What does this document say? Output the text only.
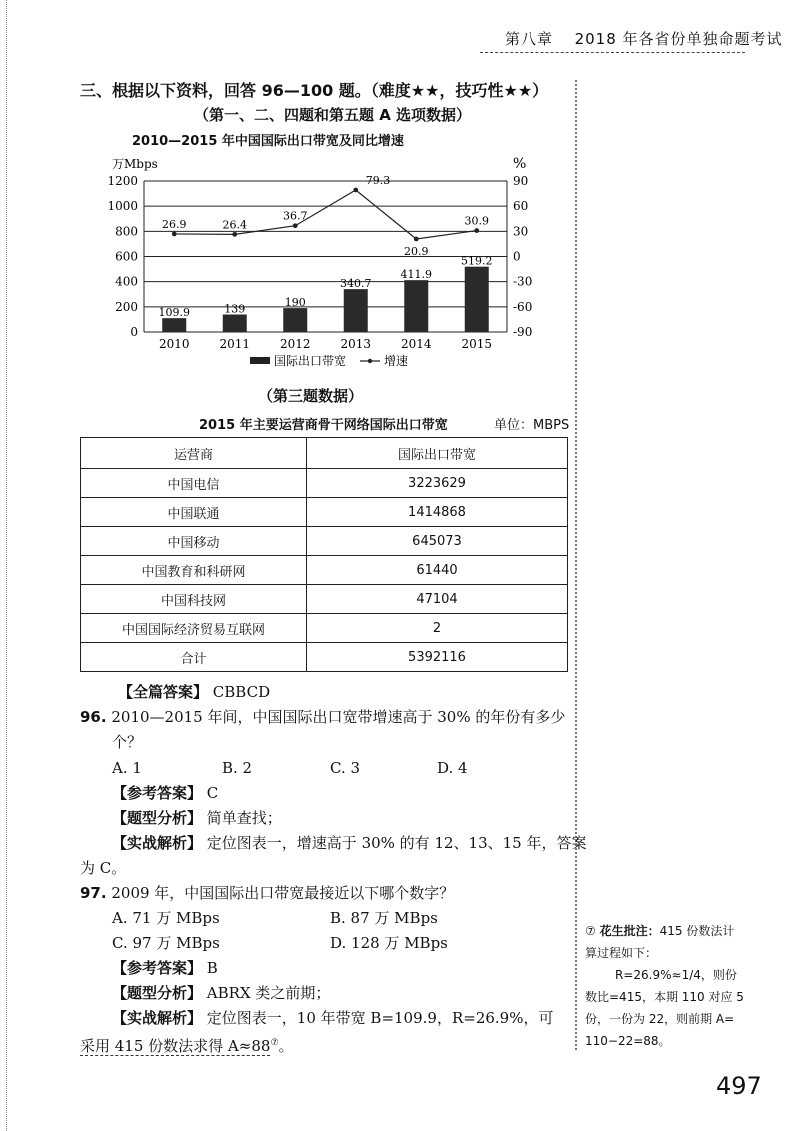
第八章 2018 年各省份单独命题考试
三、根据以下资料，回答 96—100 题。（难度★★，技巧性★★）
（第一、二、四题和第五题 A 选项数据）
2010—2015 年中国国际出口带宽及同比增速
万Mbps	%
0
200
400
600
800
1000
1200
-90
-60
-30
0
30
60
90
109.9
2010
139
2011
190
2012
340.7
2013
411.9
2014
519.2
2015
26.9	26.4
36.7
79.3
20.9
30.9
国际出口带宽	增速
（第三题数据）
2015 年主要运营商骨干网络国际出口带宽	单位：MBPS
运营商	国际出口带宽
中国电信	3223629
中国联通	1414868
中国移动	645073
中国教育和科研网	61440
中国科技网	47104
中国国际经济贸易互联网	2
合计	5392116
【全篇答案】 CBBCD
96. 2010—2015 年间，中国国际出口宽带增速高于 30% 的年份有多少
个？
A. 1	B. 2	C. 3	D. 4
【参考答案】 C
【题型分析】 简单查找；
【实战解析】 定位图表一，增速高于 30% 的有 12、13、15 年，答案
为 C。
97. 2009 年，中国国际出口带宽最接近以下哪个数字？
A. 71 万 MBps	B. 87 万 MBps
C. 97 万 MBps	D. 128 万 MBps
【参考答案】 B
【题型分析】 ABRX 类之前期；
【实战解析】 定位图表一，10 年带宽 B=109.9，R=26.9%，可
采用 415 份数法求得 A≈88⑦。
⑦ 花生批注：415 份数法计
算过程如下：
R=26.9%≈1/4，则份
数比=415，本期 110 对应 5
份，一份为 22，则前期 A=
110−22=88。
497
